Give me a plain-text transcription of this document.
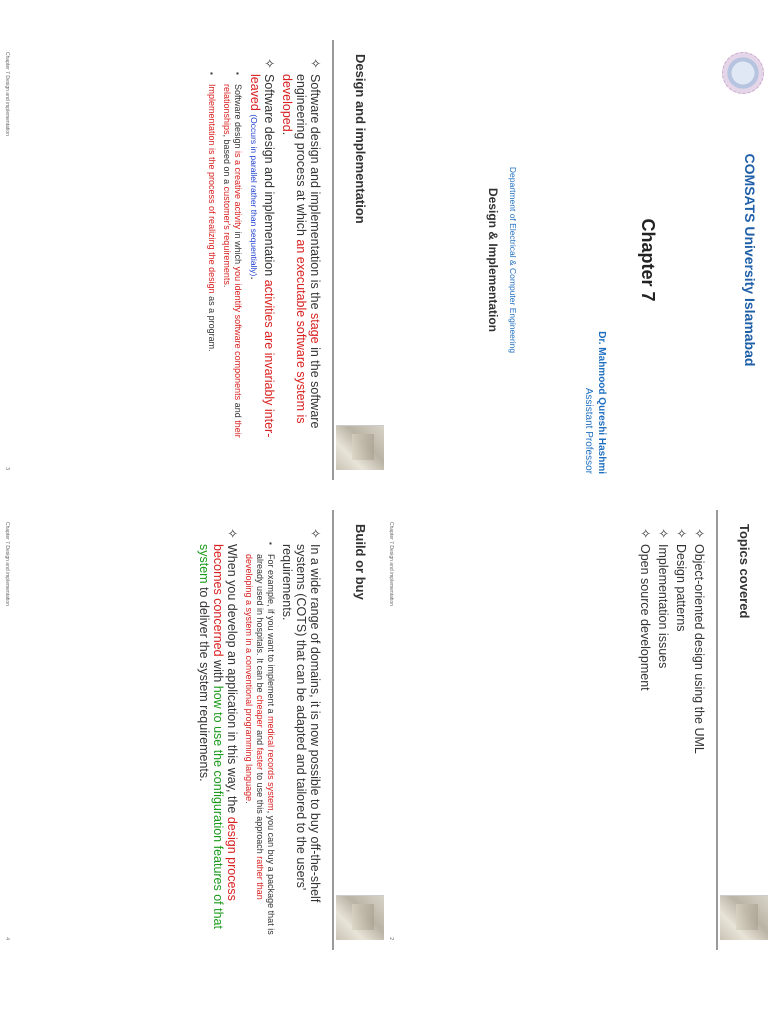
COMSATS University Islamabad
Chapter 7
Dr. Mahmood Qureshi Hashmi
Assistant Professor
Department of Electrical & Computer Engineering
Design & Implementation
Topics covered
✧
Object-oriented design using the UML
✧
Design patterns
✧
Implementation issues
✧
Open source development
Chapter 7 Design and implementation
2
Design and implementation
✧
Software design and implementation is the stage in the software engineering process at which an executable software system is developed.
✧
Software design and implementation activities are invariably inter-leaved (Occurs in parallel rather than sequentially).
▪
Software design is a creative activity in which you identify software components and their relationships, based on a customer's requirements.
▪
Implementation is the process of realizing the design as a program.
Chapter 7 Design and implementation
3
Build or buy
✧
In a wide range of domains, it is now possible to buy off-the-shelf systems (COTS) that can be adapted and tailored to the users' requirements.
▪
For example, if you want to implement a medical records system, you can buy a package that is already used in hospitals. It can be cheaper and faster to use this approach rather than developing a system in a conventional programming language.
✧
When you develop an application in this way, the design process becomes concerned with how to use the configuration features of that system to deliver the system requirements.
Chapter 7 Design and implementation
4
